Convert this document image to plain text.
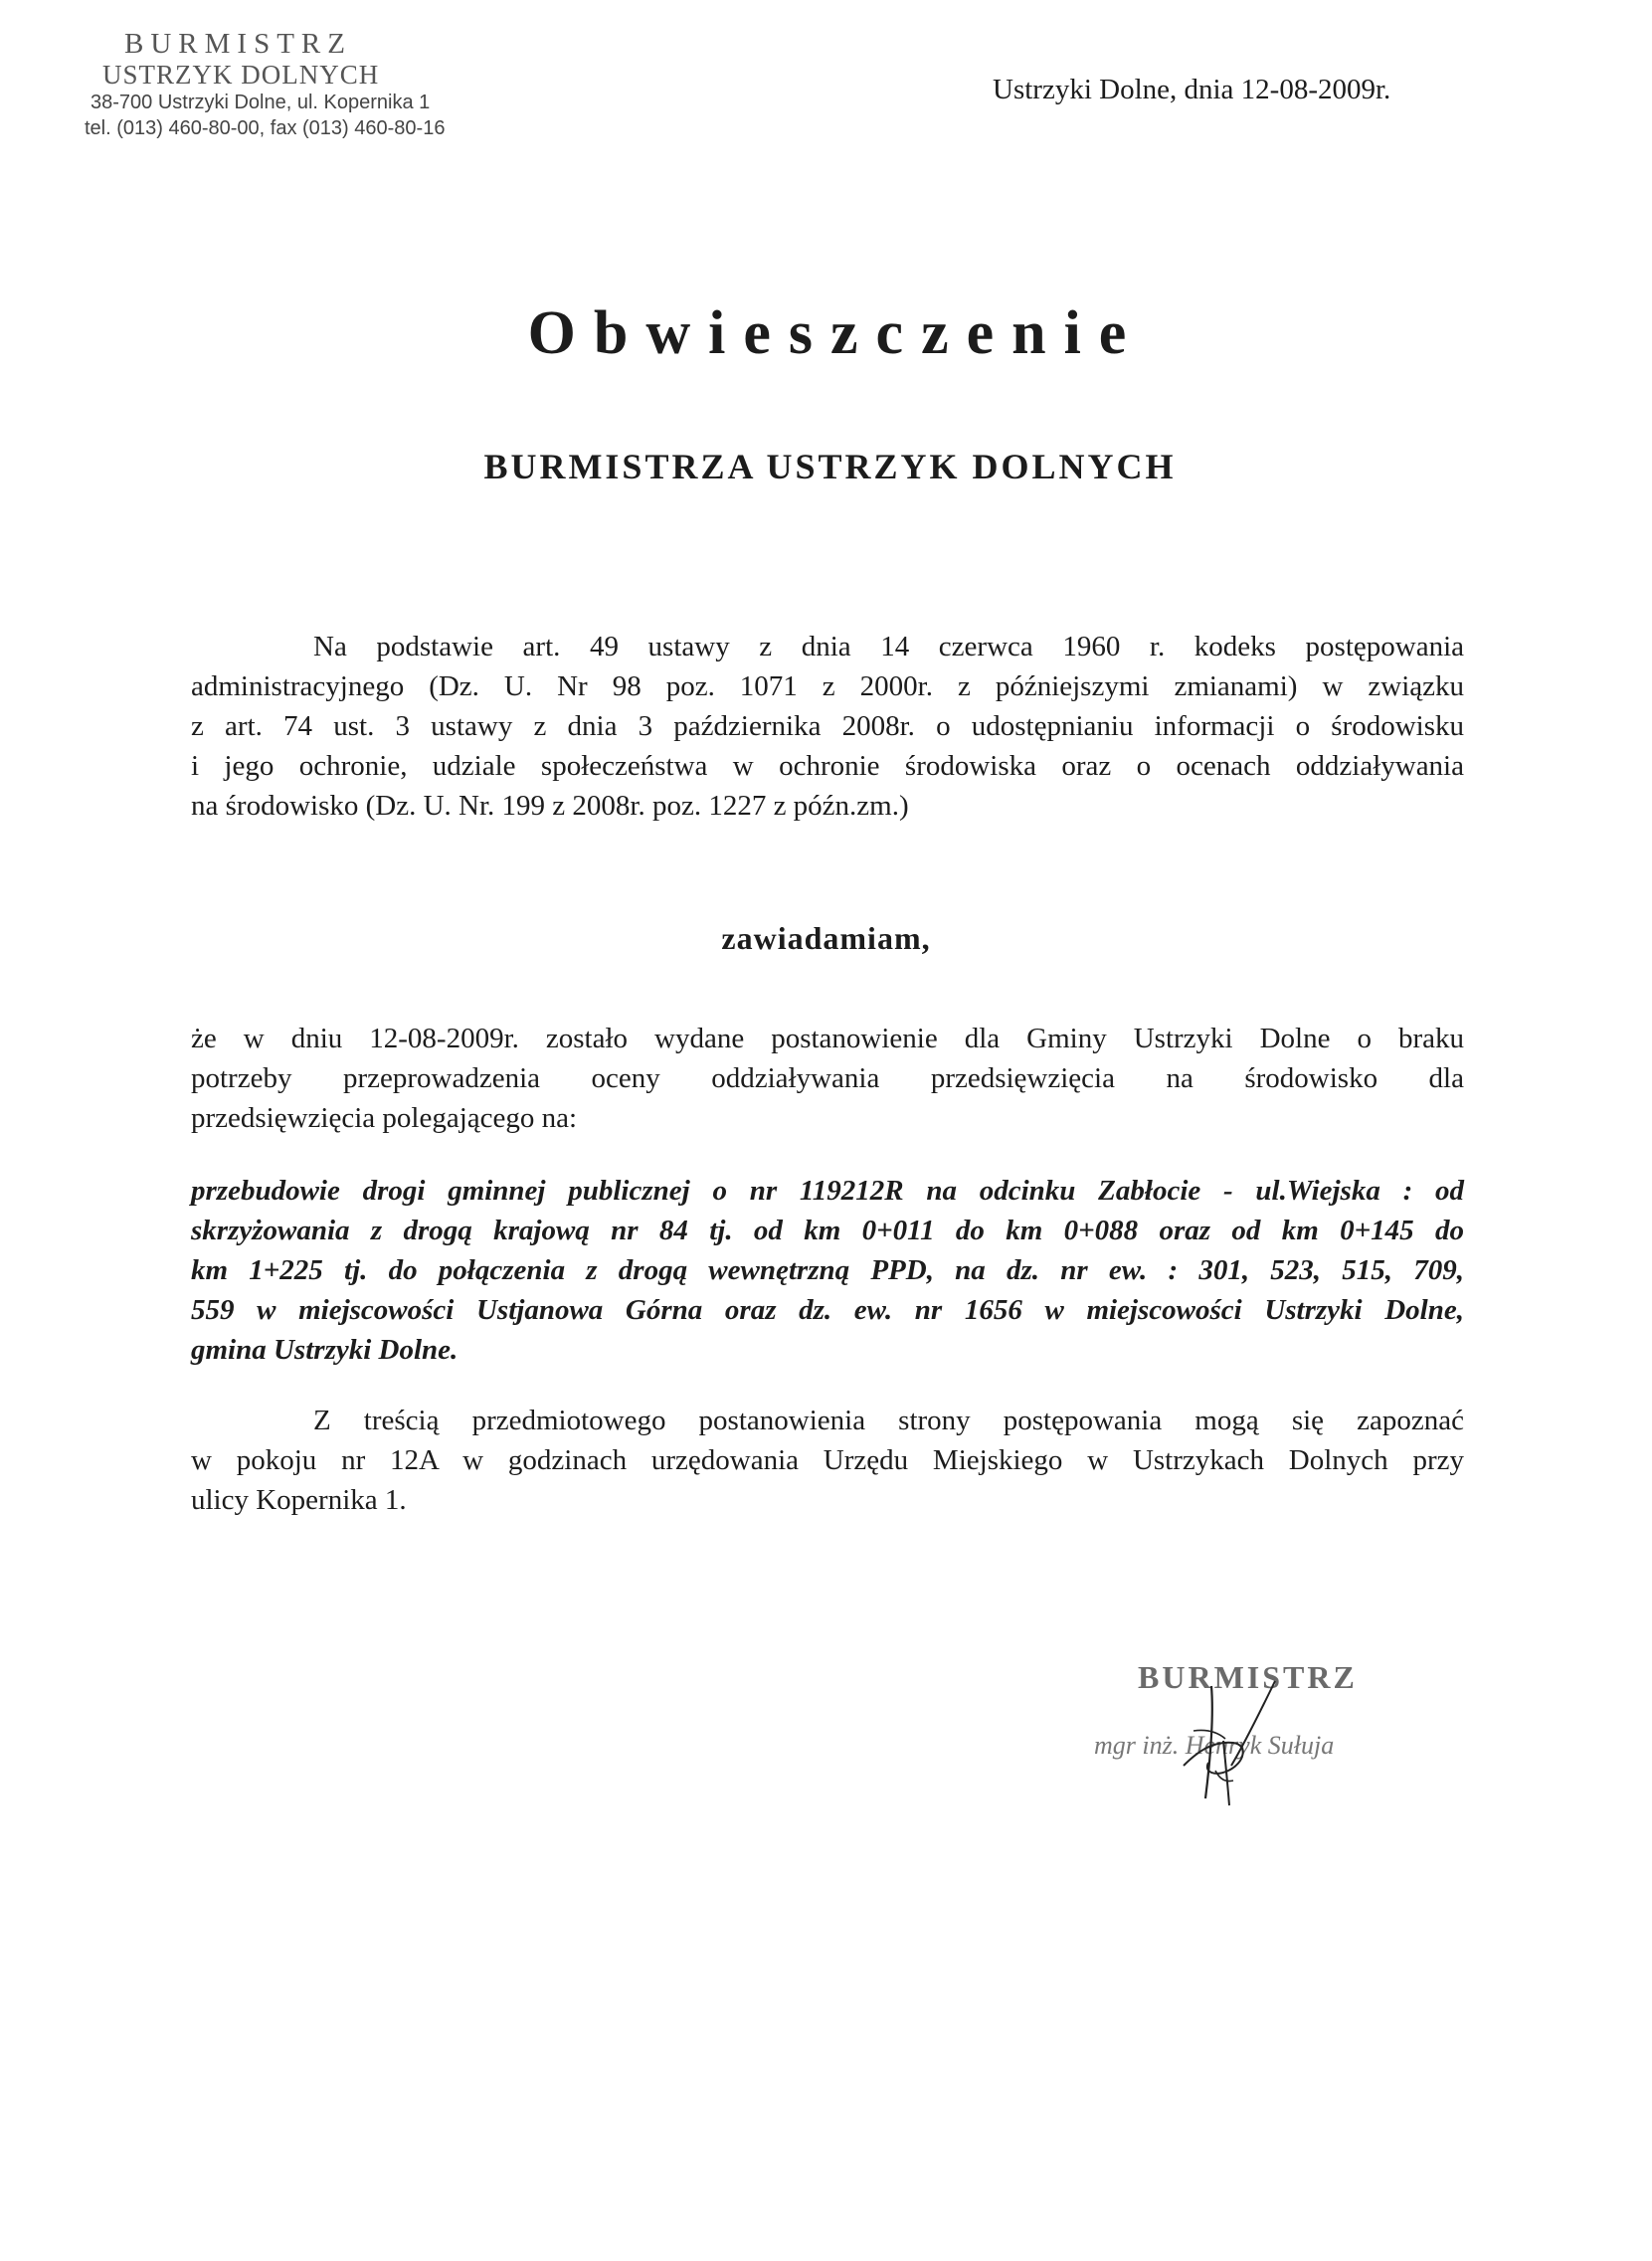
BURMISTRZ
USTRZYK DOLNYCH
38-700 Ustrzyki Dolne, ul. Kopernika 1
tel. (013) 460-80-00, fax (013) 460-80-16
Ustrzyki Dolne, dnia 12-08-2009r.
Obwieszczenie
BURMISTRZA USTRZYK DOLNYCH
Na podstawie art. 49 ustawy z dnia 14 czerwca 1960 r. kodeks postępowania
administracyjnego (Dz. U. Nr 98 poz. 1071 z 2000r. z późniejszymi zmianami) w związku
z art. 74 ust. 3 ustawy z dnia 3 października 2008r. o udostępnianiu informacji o środowisku
i jego ochronie, udziale społeczeństwa w ochronie środowiska oraz o ocenach oddziaływania
na środowisko (Dz. U. Nr. 199 z 2008r. poz. 1227 z późn.zm.)
zawiadamiam,
że w dniu 12-08-2009r. zostało wydane postanowienie dla Gminy Ustrzyki Dolne o braku
potrzeby przeprowadzenia oceny oddziaływania przedsięwzięcia na środowisko dla
przedsięwzięcia polegającego na:
przebudowie drogi gminnej publicznej o nr 119212R na odcinku Zabłocie - ul.Wiejska : od
skrzyżowania z drogą krajową nr 84 tj. od km 0+011 do km 0+088 oraz od km 0+145 do
km 1+225 tj. do połączenia z drogą wewnętrzną PPD, na dz. nr ew. : 301, 523, 515, 709,
559 w miejscowości Ustjanowa Górna oraz dz. ew. nr 1656 w miejscowości Ustrzyki Dolne,
gmina Ustrzyki Dolne.
Z treścią przedmiotowego postanowienia strony postępowania mogą się zapoznać
w pokoju nr 12A w godzinach urzędowania Urzędu Miejskiego w Ustrzykach Dolnych przy
ulicy Kopernika 1.
BURMISTRZ
mgr inż. Henryk Sułuja
